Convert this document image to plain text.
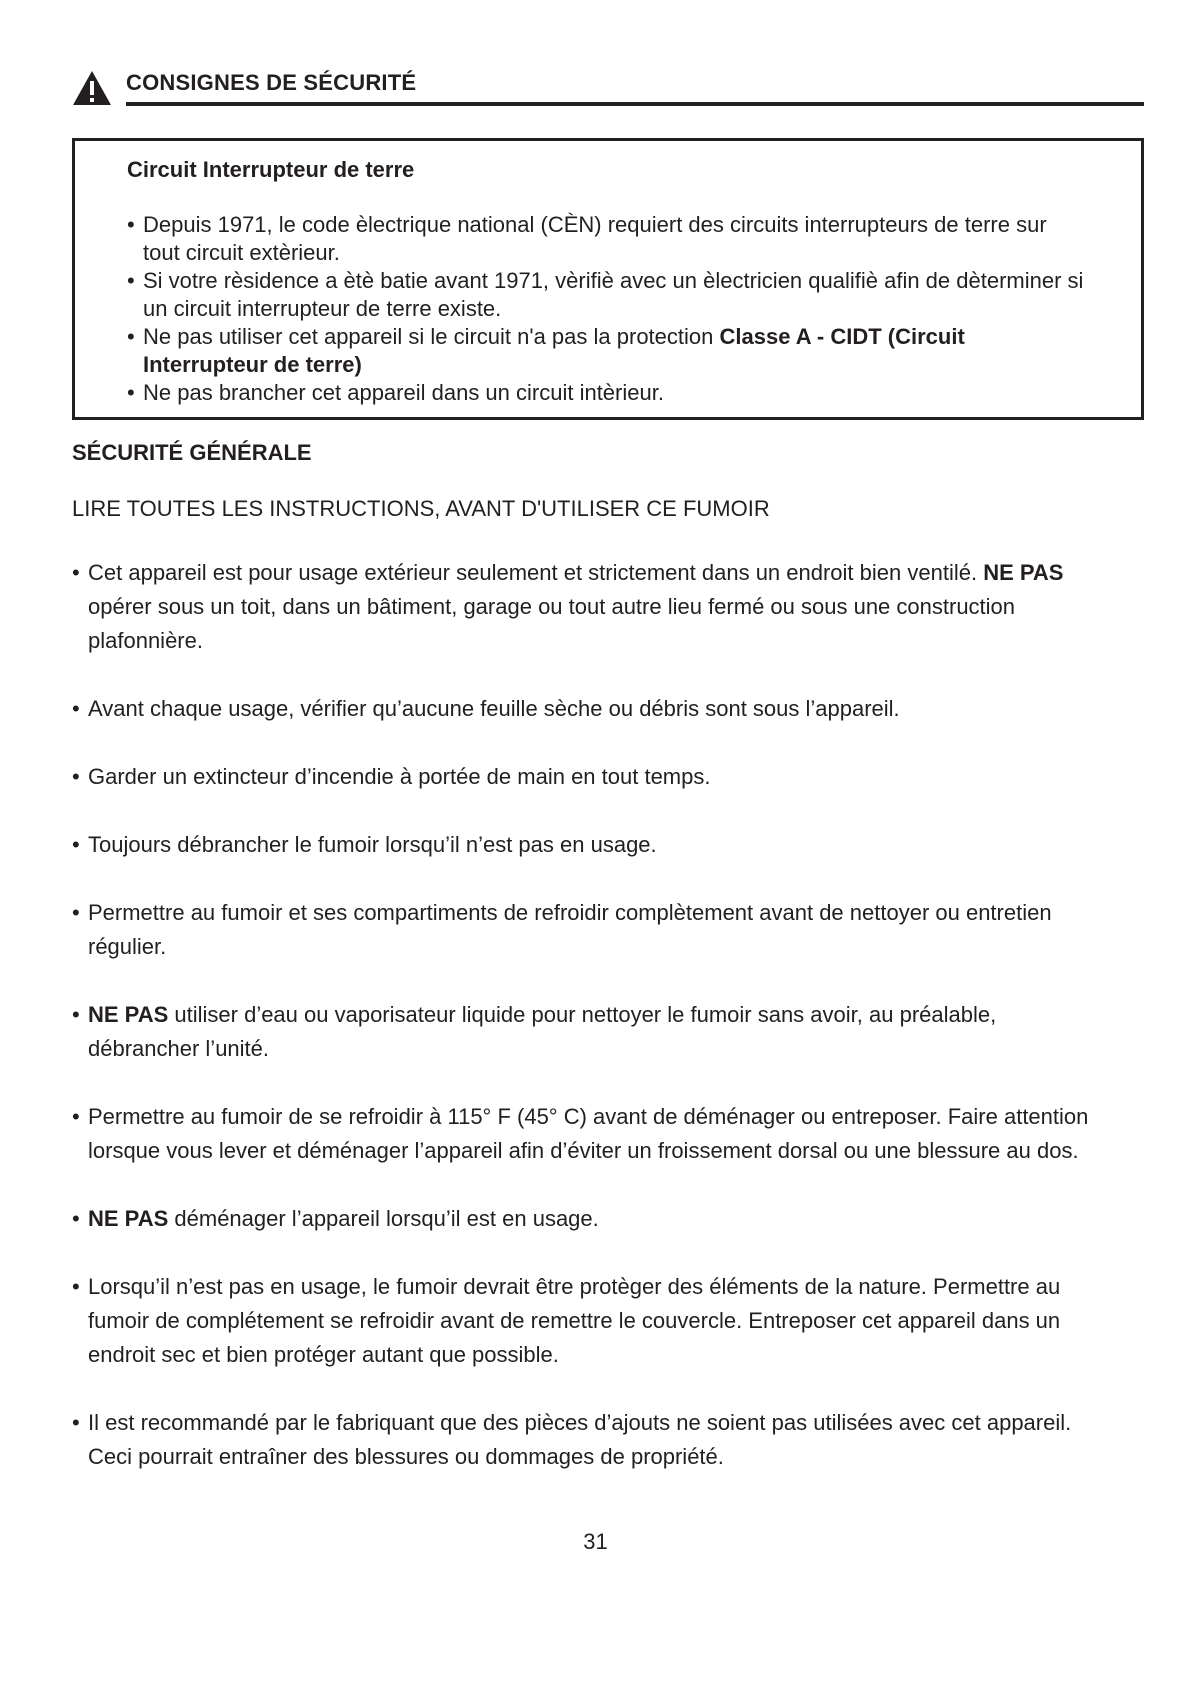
CONSIGNES DE SÉCURITÉ
Circuit Interrupteur de terre
• Depuis 1971, le code èlectrique national (CÈN) requiert des circuits interrupteurs de terre sur tout circuit extèrieur.
• Si votre rèsidence a ètè batie avant 1971, vèrifiè avec un èlectricien qualifiè afin de dèterminer si un circuit interrupteur de terre existe.
• Ne pas utiliser cet appareil si le circuit n'a pas la protection Classe A - CIDT (Circuit Interrupteur de terre)
• Ne pas brancher cet appareil dans un circuit intèrieur.
SÉCURITÉ GÉNÉRALE
LIRE TOUTES LES INSTRUCTIONS, AVANT D'UTILISER CE FUMOIR
• Cet appareil est pour usage extérieur seulement et strictement dans un endroit bien ventilé. NE PAS opérer sous un toit, dans un bâtiment, garage ou tout autre lieu fermé ou sous une construction plafonnière.
• Avant chaque usage, vérifier qu’aucune feuille sèche ou débris sont sous l’appareil.
• Garder un extincteur d’incendie à portée de main en tout temps.
• Toujours débrancher le fumoir lorsqu’il n’est pas en usage.
• Permettre au fumoir et ses compartiments de refroidir complètement avant de nettoyer ou entretien régulier.
• NE PAS utiliser d’eau ou vaporisateur liquide pour nettoyer le fumoir sans avoir, au préalable, débrancher l’unité.
• Permettre au fumoir de se refroidir à 115° F (45° C) avant de déménager ou entreposer. Faire attention lorsque vous lever et déménager l’appareil afin d’éviter un froissement dorsal ou une blessure au dos.
• NE PAS déménager l’appareil lorsqu’il est en usage.
• Lorsqu’il n’est pas en usage, le fumoir devrait être protèger des éléments de la nature. Permettre au fumoir de complétement se refroidir avant de remettre le couvercle. Entreposer cet appareil dans un endroit sec et bien protéger autant que possible.
• Il est recommandé par le fabriquant que des pièces d’ajouts ne soient pas utilisées avec cet appareil. Ceci pourrait entraîner des blessures ou dommages de propriété.
31
